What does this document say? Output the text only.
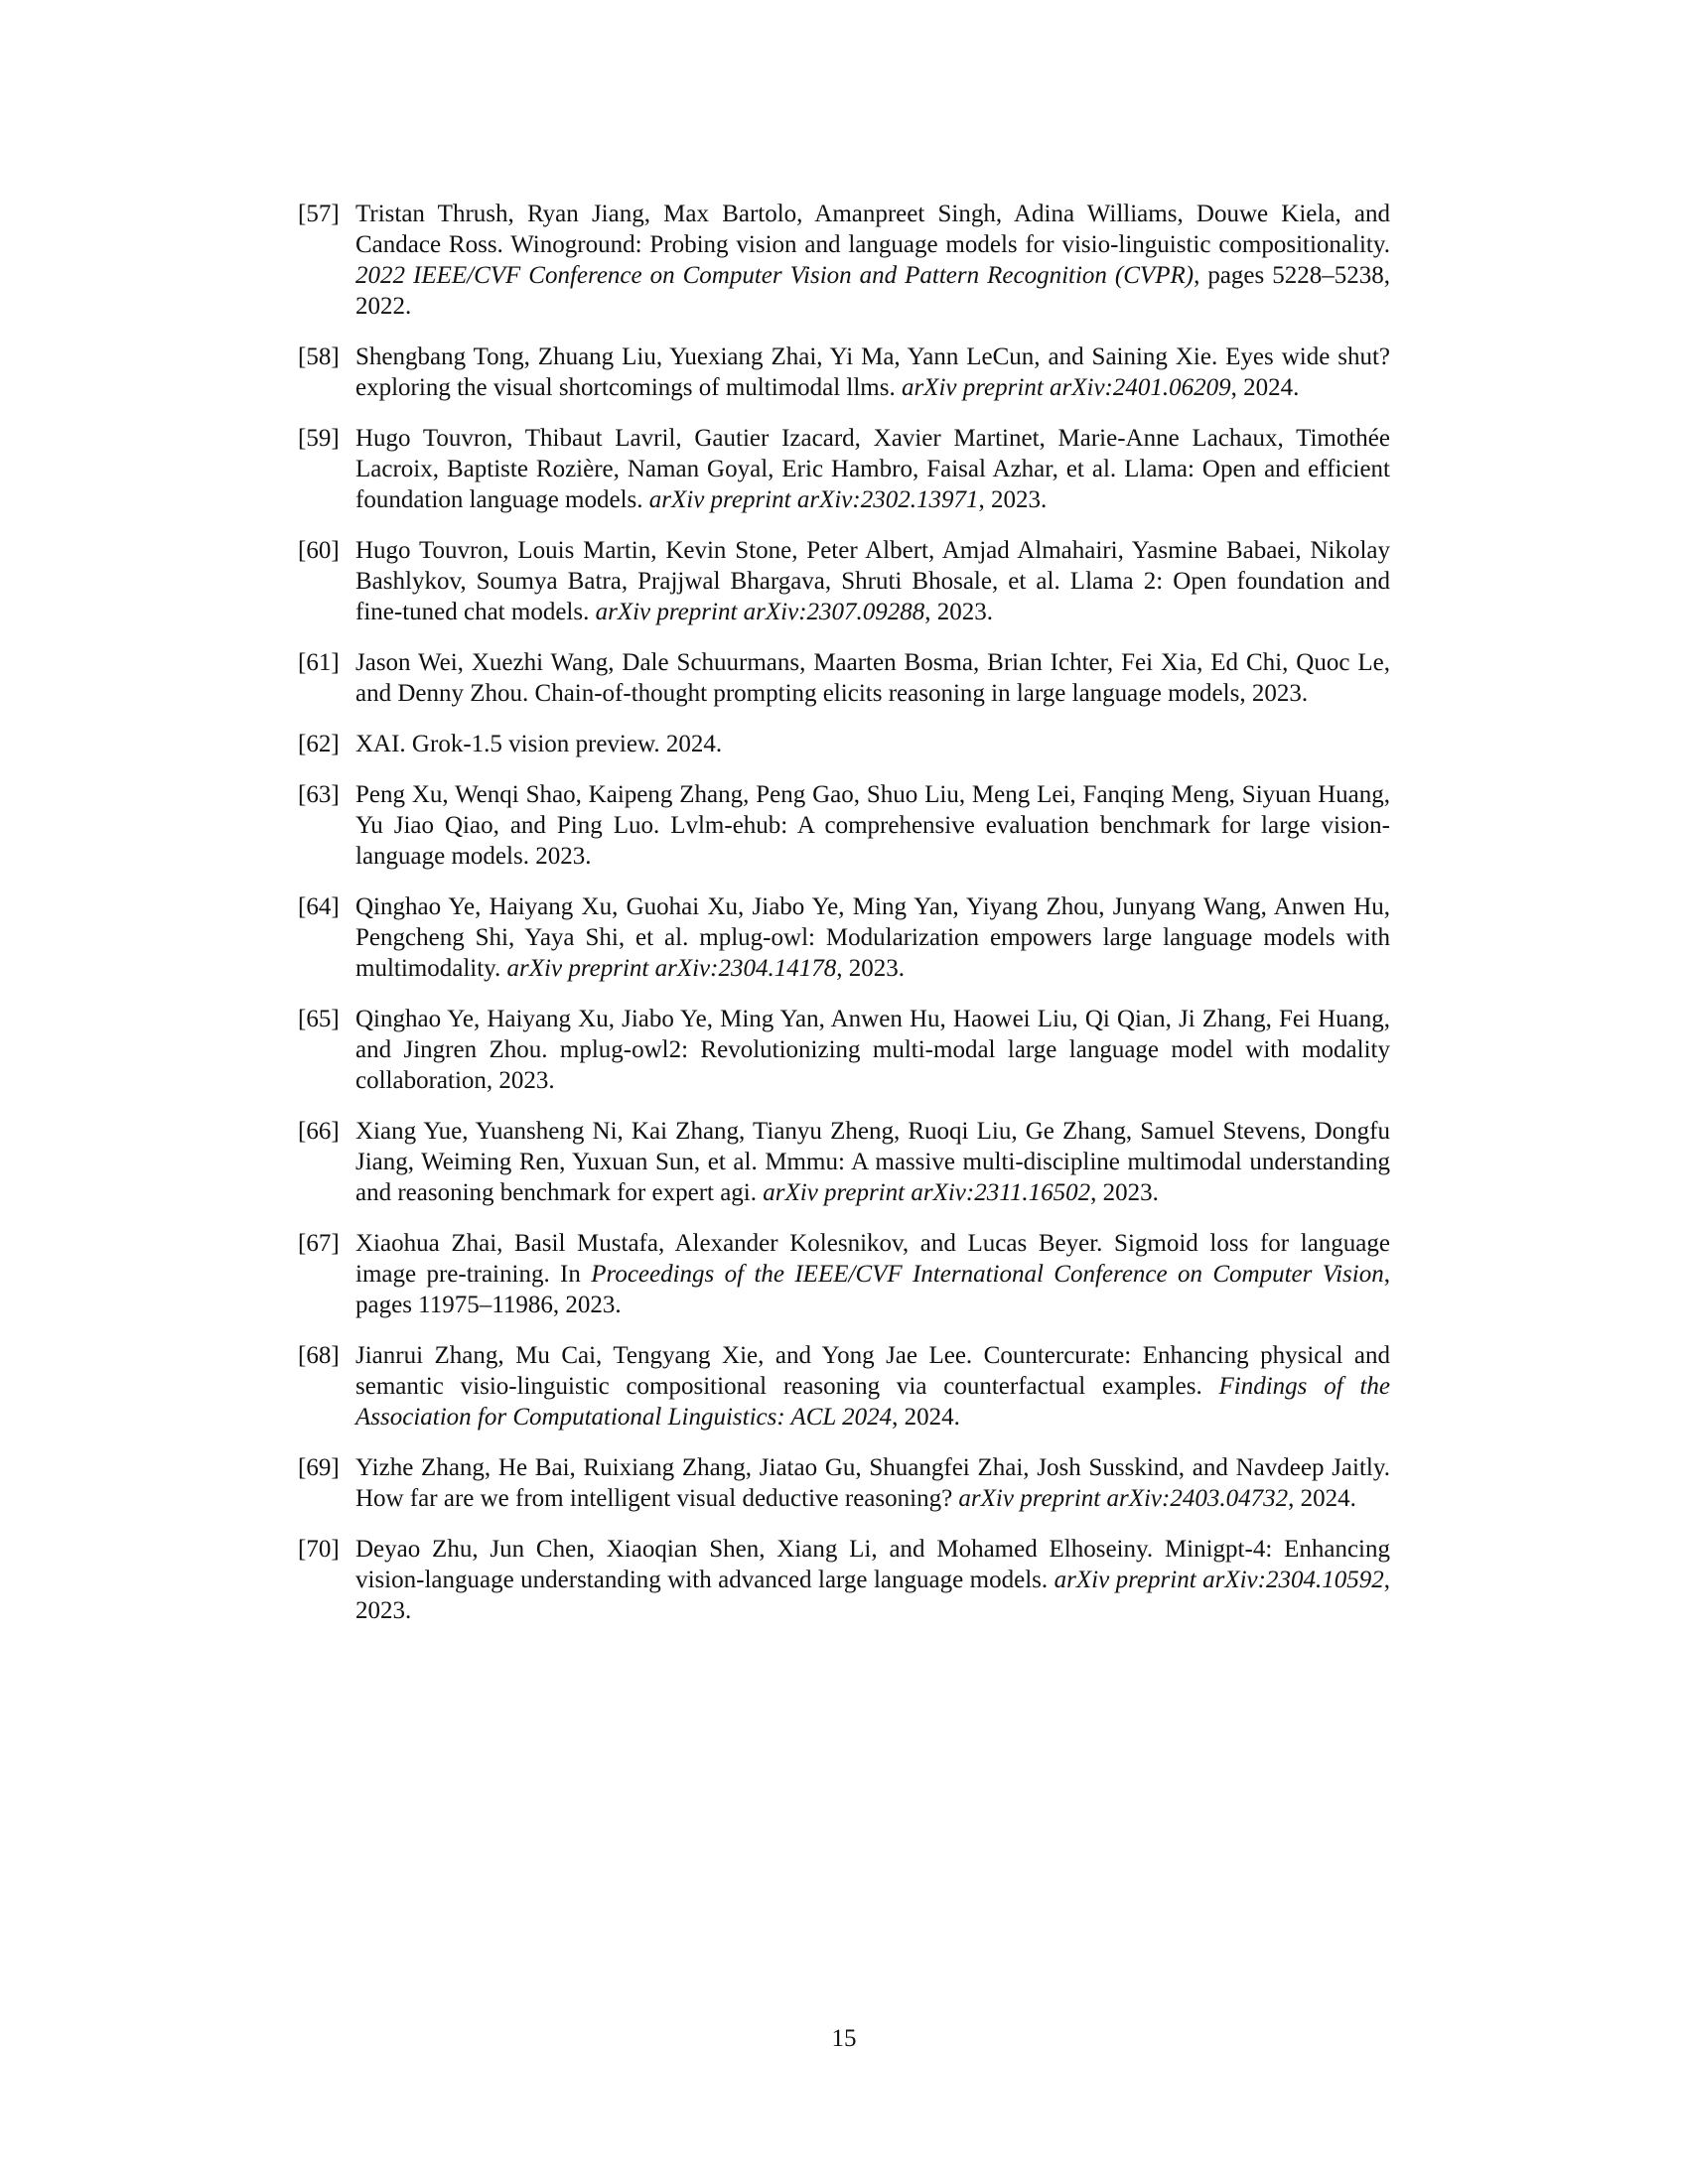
[57] Tristan Thrush, Ryan Jiang, Max Bartolo, Amanpreet Singh, Adina Williams, Douwe Kiela, and Candace Ross. Winoground: Probing vision and language models for visio-linguistic compositionality. 2022 IEEE/CVF Conference on Computer Vision and Pattern Recognition (CVPR), pages 5228–5238, 2022.
[58] Shengbang Tong, Zhuang Liu, Yuexiang Zhai, Yi Ma, Yann LeCun, and Saining Xie. Eyes wide shut? exploring the visual shortcomings of multimodal llms. arXiv preprint arXiv:2401.06209, 2024.
[59] Hugo Touvron, Thibaut Lavril, Gautier Izacard, Xavier Martinet, Marie-Anne Lachaux, Timothée Lacroix, Baptiste Rozière, Naman Goyal, Eric Hambro, Faisal Azhar, et al. Llama: Open and efficient foundation language models. arXiv preprint arXiv:2302.13971, 2023.
[60] Hugo Touvron, Louis Martin, Kevin Stone, Peter Albert, Amjad Almahairi, Yasmine Babaei, Nikolay Bashlykov, Soumya Batra, Prajjwal Bhargava, Shruti Bhosale, et al. Llama 2: Open foundation and fine-tuned chat models. arXiv preprint arXiv:2307.09288, 2023.
[61] Jason Wei, Xuezhi Wang, Dale Schuurmans, Maarten Bosma, Brian Ichter, Fei Xia, Ed Chi, Quoc Le, and Denny Zhou. Chain-of-thought prompting elicits reasoning in large language models, 2023.
[62] XAI. Grok-1.5 vision preview. 2024.
[63] Peng Xu, Wenqi Shao, Kaipeng Zhang, Peng Gao, Shuo Liu, Meng Lei, Fanqing Meng, Siyuan Huang, Yu Jiao Qiao, and Ping Luo. Lvlm-ehub: A comprehensive evaluation benchmark for large vision-language models. 2023.
[64] Qinghao Ye, Haiyang Xu, Guohai Xu, Jiabo Ye, Ming Yan, Yiyang Zhou, Junyang Wang, Anwen Hu, Pengcheng Shi, Yaya Shi, et al. mplug-owl: Modularization empowers large language models with multimodality. arXiv preprint arXiv:2304.14178, 2023.
[65] Qinghao Ye, Haiyang Xu, Jiabo Ye, Ming Yan, Anwen Hu, Haowei Liu, Qi Qian, Ji Zhang, Fei Huang, and Jingren Zhou. mplug-owl2: Revolutionizing multi-modal large language model with modality collaboration, 2023.
[66] Xiang Yue, Yuansheng Ni, Kai Zhang, Tianyu Zheng, Ruoqi Liu, Ge Zhang, Samuel Stevens, Dongfu Jiang, Weiming Ren, Yuxuan Sun, et al. Mmmu: A massive multi-discipline multimodal understanding and reasoning benchmark for expert agi. arXiv preprint arXiv:2311.16502, 2023.
[67] Xiaohua Zhai, Basil Mustafa, Alexander Kolesnikov, and Lucas Beyer. Sigmoid loss for language image pre-training. In Proceedings of the IEEE/CVF International Conference on Computer Vision, pages 11975–11986, 2023.
[68] Jianrui Zhang, Mu Cai, Tengyang Xie, and Yong Jae Lee. Countercurate: Enhancing physical and semantic visio-linguistic compositional reasoning via counterfactual examples. Findings of the Association for Computational Linguistics: ACL 2024, 2024.
[69] Yizhe Zhang, He Bai, Ruixiang Zhang, Jiatao Gu, Shuangfei Zhai, Josh Susskind, and Navdeep Jaitly. How far are we from intelligent visual deductive reasoning? arXiv preprint arXiv:2403.04732, 2024.
[70] Deyao Zhu, Jun Chen, Xiaoqian Shen, Xiang Li, and Mohamed Elhoseiny. Minigpt-4: Enhancing vision-language understanding with advanced large language models. arXiv preprint arXiv:2304.10592, 2023.
15
